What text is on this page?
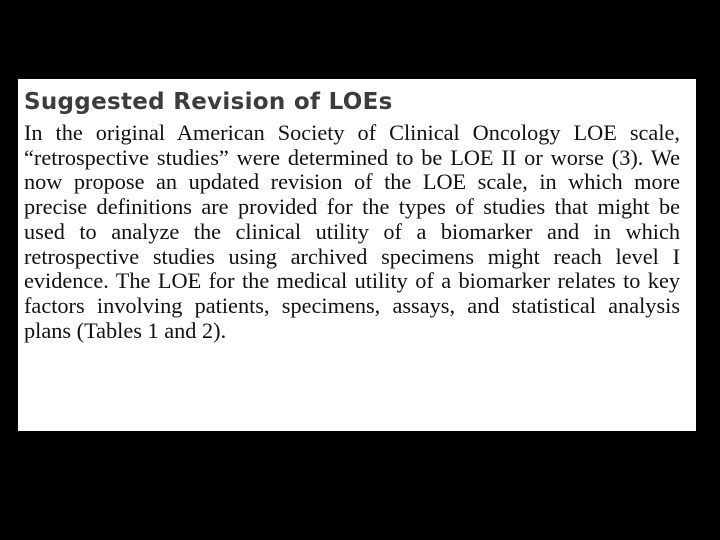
Suggested Revision of LOEs

In the original American Society of Clinical Oncology LOE scale, “retrospective studies” were determined to be LOE II or worse (3). We now propose an updated revision of the LOE scale, in which more precise definitions are provided for the types of studies that might be used to analyze the clinical utility of a biomarker and in which retrospective studies using archived specimens might reach level I evidence. The LOE for the medical utility of a biomarker relates to key factors involving patients, specimens, assays, and statistical analysis plans (Tables 1 and 2).
